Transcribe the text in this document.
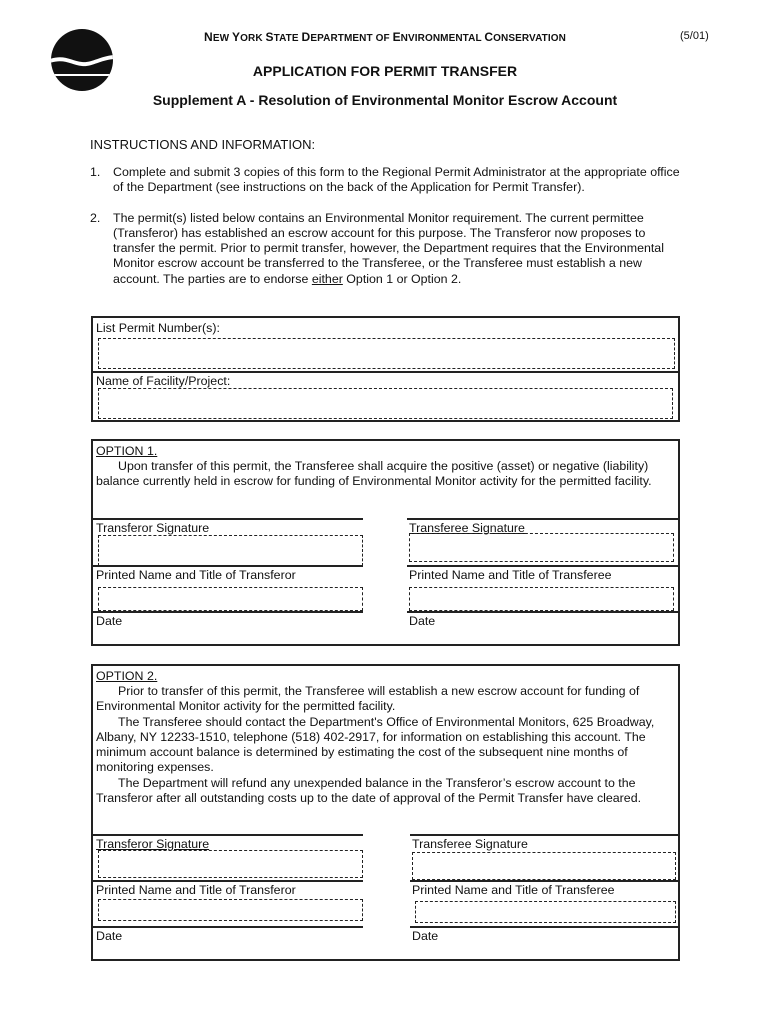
NEW YORK STATE DEPARTMENT OF ENVIRONMENTAL CONSERVATION	(5/01)
APPLICATION FOR PERMIT TRANSFER
Supplement A - Resolution of Environmental Monitor Escrow Account
INSTRUCTIONS AND INFORMATION:
1.	Complete and submit 3 copies of this form to the Regional Permit Administrator at the appropriate office of the Department (see instructions on the back of the Application for Permit Transfer).
2.	The permit(s) listed below contains an Environmental Monitor requirement. The current permittee (Transferor) has established an escrow account for this purpose. The Transferor now proposes to transfer the permit. Prior to permit transfer, however, the Department requires that the Environmental Monitor escrow account be transferred to the Transferee, or the Transferee must establish a new account. The parties are to endorse either Option 1 or Option 2.
List Permit Number(s):
Name of Facility/Project:
OPTION 1.

Upon transfer of this permit, the Transferee shall acquire the positive (asset) or negative (liability) balance currently held in escrow for funding of Environmental Monitor activity for the permitted facility.

Transferor Signature	Transferee Signature
Printed Name and Title of Transferor	Printed Name and Title of Transferee
Date	Date
OPTION 2.

Prior to transfer of this permit, the Transferee will establish a new escrow account for funding of Environmental Monitor activity for the permitted facility.

The Transferee should contact the Department's Office of Environmental Monitors, 625 Broadway, Albany, NY 12233-1510, telephone (518) 402-2917, for information on establishing this account. The minimum account balance is determined by estimating the cost of the subsequent nine months of monitoring expenses.

The Department will refund any unexpended balance in the Transferor’s escrow account to the Transferor after all outstanding costs up to the date of approval of the Permit Transfer have cleared.

Transferor Signature	Transferee Signature
Printed Name and Title of Transferor	Printed Name and Title of Transferee
Date	Date
